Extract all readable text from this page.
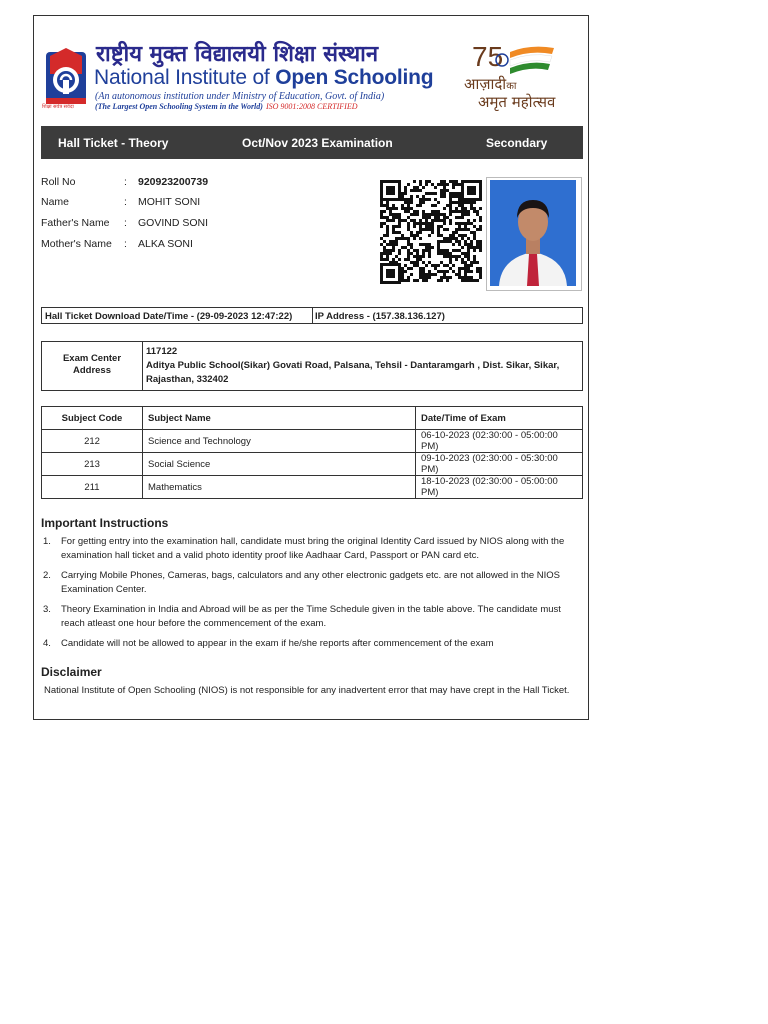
शिक्षा सर्वत्र सर्वदा
राष्ट्रीय मुक्त विद्यालयी शिक्षा संस्थान
National Institute of Open Schooling
(An autonomous institution under Ministry of Education, Govt. of India)
(The Largest Open Schooling System in the World) ISO 9001:2008 CERTIFIED
75
आज़ादीका
अमृत महोत्सव
Hall Ticket - Theory	Oct/Nov 2023 Examination	Secondary
Roll No	: 920923200739
Name	: MOHIT SONI
Father's Name	: GOVIND SONI
Mother's Name	: ALKA SONI
Hall Ticket Download Date/Time - (29-09-2023 12:47:22) IP Address - (157.38.136.127)
Exam Center
Address
117122
Aditya Public School(Sikar) Govati Road, Palsana, Tehsil - Dantaramgarh , Dist. Sikar, Sikar, Rajasthan, 332402
Subject Code	Subject Name	Date/Time of Exam
212	Science and Technology	06-10-2023 (02:30:00 - 05:00:00 PM)
213	Social Science	09-10-2023 (02:30:00 - 05:30:00 PM)
211	Mathematics	18-10-2023 (02:30:00 - 05:00:00 PM)
Important Instructions
1. For getting entry into the examination hall, candidate must bring the original Identity Card issued by NIOS along with the examination hall ticket and a valid photo identity proof like Aadhaar Card, Passport or PAN card etc.
2. Carrying Mobile Phones, Cameras, bags, calculators and any other electronic gadgets etc. are not allowed in the NIOS Examination Center.
3. Theory Examination in India and Abroad will be as per the Time Schedule given in the table above. The candidate must reach atleast one hour before the commencement of the exam.
4. Candidate will not be allowed to appear in the exam if he/she reports after commencement of the exam
Disclaimer
National Institute of Open Schooling (NIOS) is not responsible for any inadvertent error that may have crept in the Hall Ticket.
